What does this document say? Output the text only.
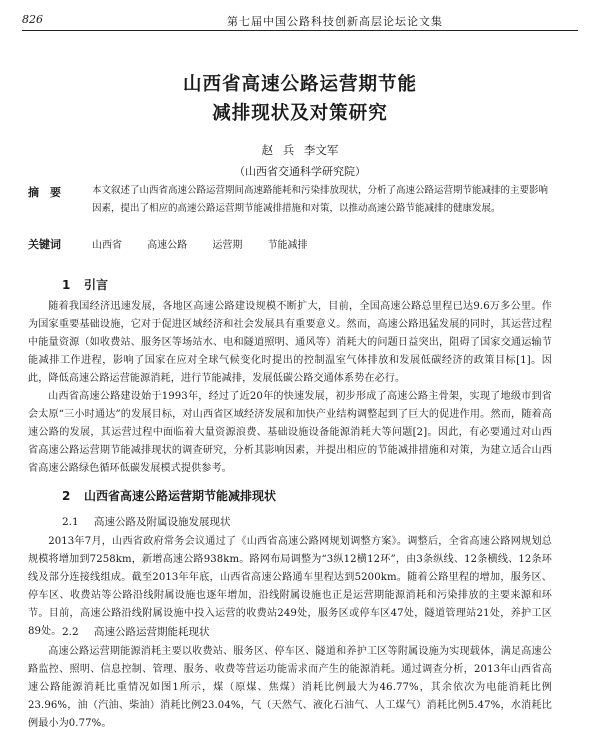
826	第七届中国公路科技创新高层论坛论文集
山西省高速公路运营期节能
减排现状及对策研究
赵 兵 李文军
（山西省交通科学研究院）
摘　要	本文叙述了山西省高速公路运营期间高速路能耗和污染排放现状，分析了高速公路运营期节能减排的主要影响因素，提出了相应的高速公路运营期节能减排措施和对策，以推动高速公路节能减排的健康发展。
关键词	山西省	高速公路	运营期	节能减排
1 引言
随着我国经济迅速发展，各地区高速公路建设规模不断扩大，目前，全国高速公路总里程已达9.6万多公里。作为国家重要基础设施，它对于促进区域经济和社会发展具有重要意义。然而，高速公路迅猛发展的同时，其运营过程中能量资源（如收费站、服务区等场站水、电和隧道照明、通风等）消耗大的问题日益突出，阻碍了国家交通运输节能减排工作进程，影响了国家在应对全球气候变化时提出的控制温室气体排放和发展低碳经济的政策目标[1]。因此，降低高速公路运营能源消耗，进行节能减排，发展低碳公路交通体系势在必行。
山西省高速公路建设始于1993年，经过了近20年的快速发展，初步形成了高速公路主骨架，实现了地级市到省会太原“三小时通达”的发展目标，对山西省区域经济发展和加快产业结构调整起到了巨大的促进作用。然而，随着高速公路的发展，其运营过程中面临着大量资源浪费、基础设施设备能源消耗大等问题[2]。因此，有必要通过对山西省高速公路运营期节能减排现状的调查研究，分析其影响因素，并提出相应的节能减排措施和对策，为建立适合山西省高速公路绿色循环低碳发展模式提供参考。
2 山西省高速公路运营期节能减排现状
2.1 高速公路及附属设施发展现状
2013年7月，山西省政府常务会议通过了《山西省高速公路网规划调整方案》。调整后，全省高速公路网规划总规模将增加到7258km，新增高速公路938km。路网布局调整为“3纵12横12环”，由3条纵线、12条横线、12条环线及部分连接线组成。截至2013年年底，山西省高速公路通车里程达到5200km。随着公路里程的增加，服务区、停车区、收费站等公路沿线附属设施也逐年增加，沿线附属设施也正是运营期能源消耗和污染排放的主要来源和环节。目前，高速公路沿线附属设施中投入运营的收费站249处，服务区或停车区47处，隧道管理站21处，养护工区89处。 2.2 高速公路运营期能耗现状
高速公路运营期能源消耗主要以收费站、服务区、停车区、隧道和养护工区等附属设施为实现载体，满足高速公路监控、照明、信息控制、管理、服务、收费等营运功能需求而产生的能源消耗。通过调查分析，2013年山西省高速公路能源消耗比重情况如图1所示，煤（原煤、焦煤）消耗比例最大为46.77%，其余依次为电能消耗比例23.96%，油（汽油、柴油）消耗比例23.04%，气（天然气、液化石油气、人工煤气）消耗比例5.47%，水消耗比例最小为0.77%。
